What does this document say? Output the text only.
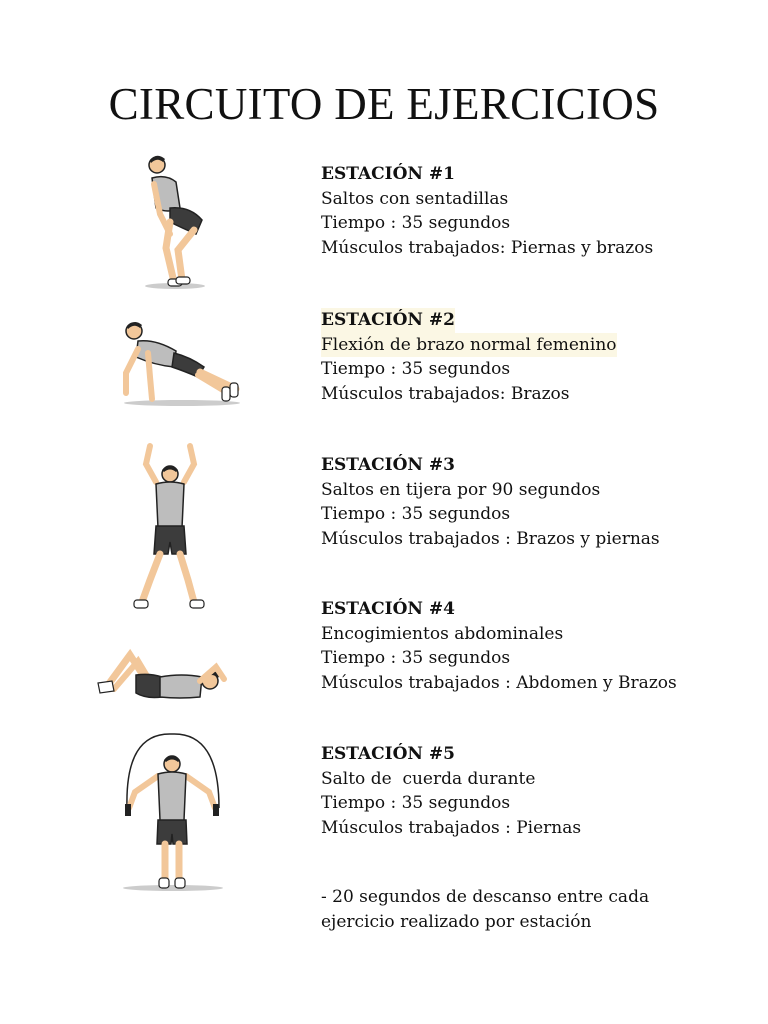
CIRCUITO DE EJERCICIOS
ESTACIÓN #1
Saltos con sentadillas
Tiempo : 35 segundos
Músculos trabajados: Piernas y brazos
ESTACIÓN #2
Flexión de brazo normal femenino
Tiempo : 35 segundos
Músculos trabajados: Brazos
ESTACIÓN #3
Saltos en tijera por 90 segundos
Tiempo : 35 segundos
Músculos trabajados : Brazos y piernas
ESTACIÓN #4
Encogimientos abdominales
Tiempo : 35 segundos
Músculos trabajados : Abdomen y Brazos
ESTACIÓN #5
Salto de  cuerda durante
Tiempo : 35 segundos
Músculos trabajados : Piernas
- 20 segundos de descanso entre cada
ejercicio realizado por estación
